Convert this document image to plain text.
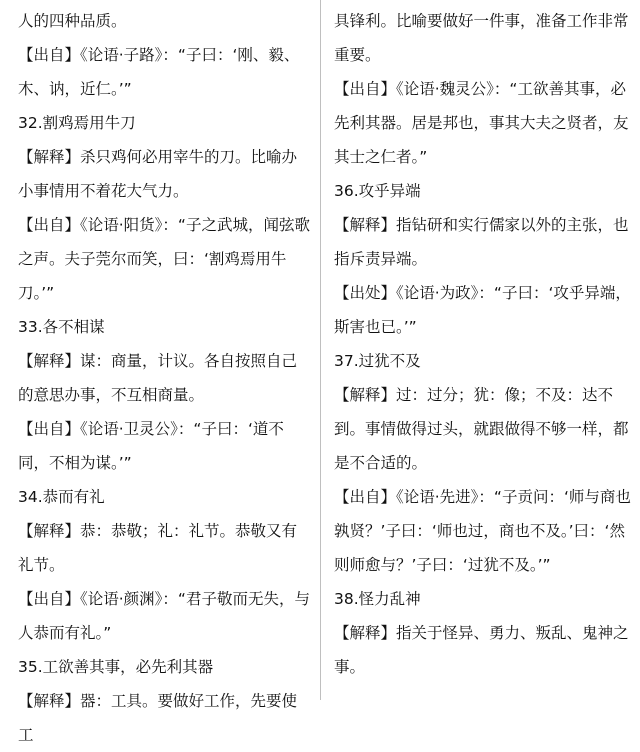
人的四种品质。

【出自】《论语·子路》：“子曰：‘刚、毅、木、讷，近仁。’”

32.割鸡焉用牛刀

【解释】杀只鸡何必用宰牛的刀。比喻办小事情用不着花大气力。

【出自】《论语·阳货》：“子之武城，闻弦歌之声。夫子莞尔而笑，曰：‘割鸡焉用牛刀。’”

33.各不相谋

【解释】谋：商量，计议。各自按照自己的意思办事，不互相商量。

【出自】《论语·卫灵公》：“子曰：‘道不同，不相为谋。’”

34.恭而有礼

【解释】恭：恭敬；礼：礼节。恭敬又有礼节。

【出自】《论语·颜渊》：“君子敬而无失，与人恭而有礼。”

35.工欲善其事，必先利其器

【解释】器：工具。要做好工作，先要使工

具锋利。比喻要做好一件事，准备工作非常重要。

【出自】《论语·魏灵公》：“工欲善其事，必先利其器。居是邦也，事其大夫之贤者，友其士之仁者。”

36.攻乎异端

【解释】指钻研和实行儒家以外的主张，也指斥责异端。

【出处】《论语·为政》：“子曰：‘攻乎异端，斯害也已。’”

37.过犹不及

【解释】过：过分；犹：像；不及：达不到。事情做得过头，就跟做得不够一样，都是不合适的。

【出自】《论语·先进》：“子贡问：‘师与商也孰贤？’子曰：‘师也过，商也不及。’曰：‘然则师愈与？’子曰：‘过犹不及。’”

38.怪力乱神

【解释】指关于怪异、勇力、叛乱、鬼神之事。
